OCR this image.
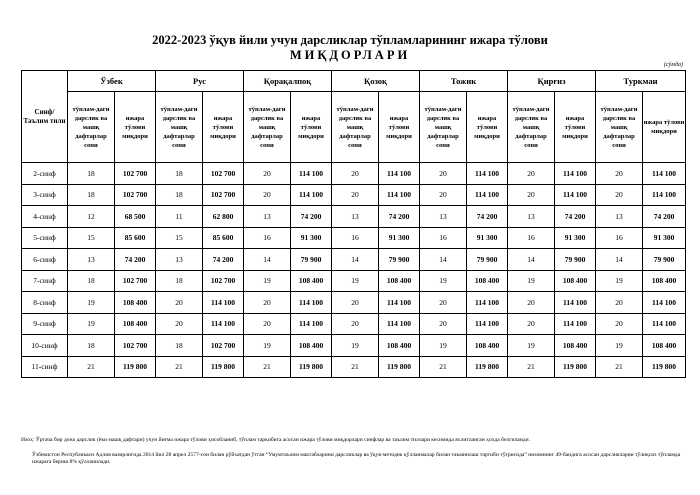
2022-2023 ўқув йили учун дарсликлар тўпламларининг ижара тўлови
МИҚДОРЛАРИ
(сўмда)
Синф/ Таълим тили	Ўзбек		Рус		Қорақалпоқ		Қозоқ		Тожик		Қирғиз		Туркман	
	тўплам-даги дарслик ва машқ дафтарлар сони	ижара тўлови миқдори	тўплам-даги дарслик ва машқ дафтарлар сони	ижара тўлови миқдори	тўплам-даги дарслик ва машқ дафтарлар сони	ижара тўлови миқдори	тўплам-даги дарслик ва машқ дафтарлар сони	ижара тўлови миқдори	тўплам-даги дарслик ва машқ дафтарлар сони	ижара тўлови миқдори	тўплам-даги дарслик ва машқ дафтарлар сони	ижара тўлови миқдори	тўплам-даги дарслик ва машқ дафтарлар сони	ижара тўлови миқдори
2-синф	18	102 700	18	102 700	20	114 100	20	114 100	20	114 100	20	114 100	20	114 100
3-синф	18	102 700	18	102 700	20	114 100	20	114 100	20	114 100	20	114 100	20	114 100
4-синф	12	68 500	11	62 800	13	74 200	13	74 200	13	74 200	13	74 200	13	74 200
5-синф	15	85 600	15	85 600	16	91 300	16	91 300	16	91 300	16	91 300	16	91 300
6-синф	13	74 200	13	74 200	14	79 900	14	79 900	14	79 900	14	79 900	14	79 900
7-синф	18	102 700	18	102 700	19	108 400	19	108 400	19	108 400	19	108 400	19	108 400
8-синф	19	108 400	20	114 100	20	114 100	20	114 100	20	114 100	20	114 100	20	114 100
9-синф	19	108 400	20	114 100	20	114 100	20	114 100	20	114 100	20	114 100	20	114 100
10-синф	18	102 700	18	102 700	19	108 400	19	108 400	19	108 400	19	108 400	19	108 400
11-синф	21	119 800	21	119 800	21	119 800	21	119 800	21	119 800	21	119 800	21	119 800
Изоҳ: Ўртача бир дона дарслик (ёки машқ дафтари) учун йиғма ижара тўлови ҳисобланиб, тўплам таркибига асосан ижара тўлови миқдорлари синфлар ва таълим тиллари кесимида яхлитланган ҳолда белгиланди.
Ўзбекистон Республикаси Адлия вазирлигида 2014 йил 28 апрел 2577-сон билан рўйхатдан ўтган “Умумтаълим мактабларини дарсликлар ва ўқув-методик қўлланмалар билан таъминлаш тартиби тўғрисида” низомнинг 49-бандига асосан дарсликларни тўлиқсиз тўпламда ижарага бериш 8% қўлланилади.
